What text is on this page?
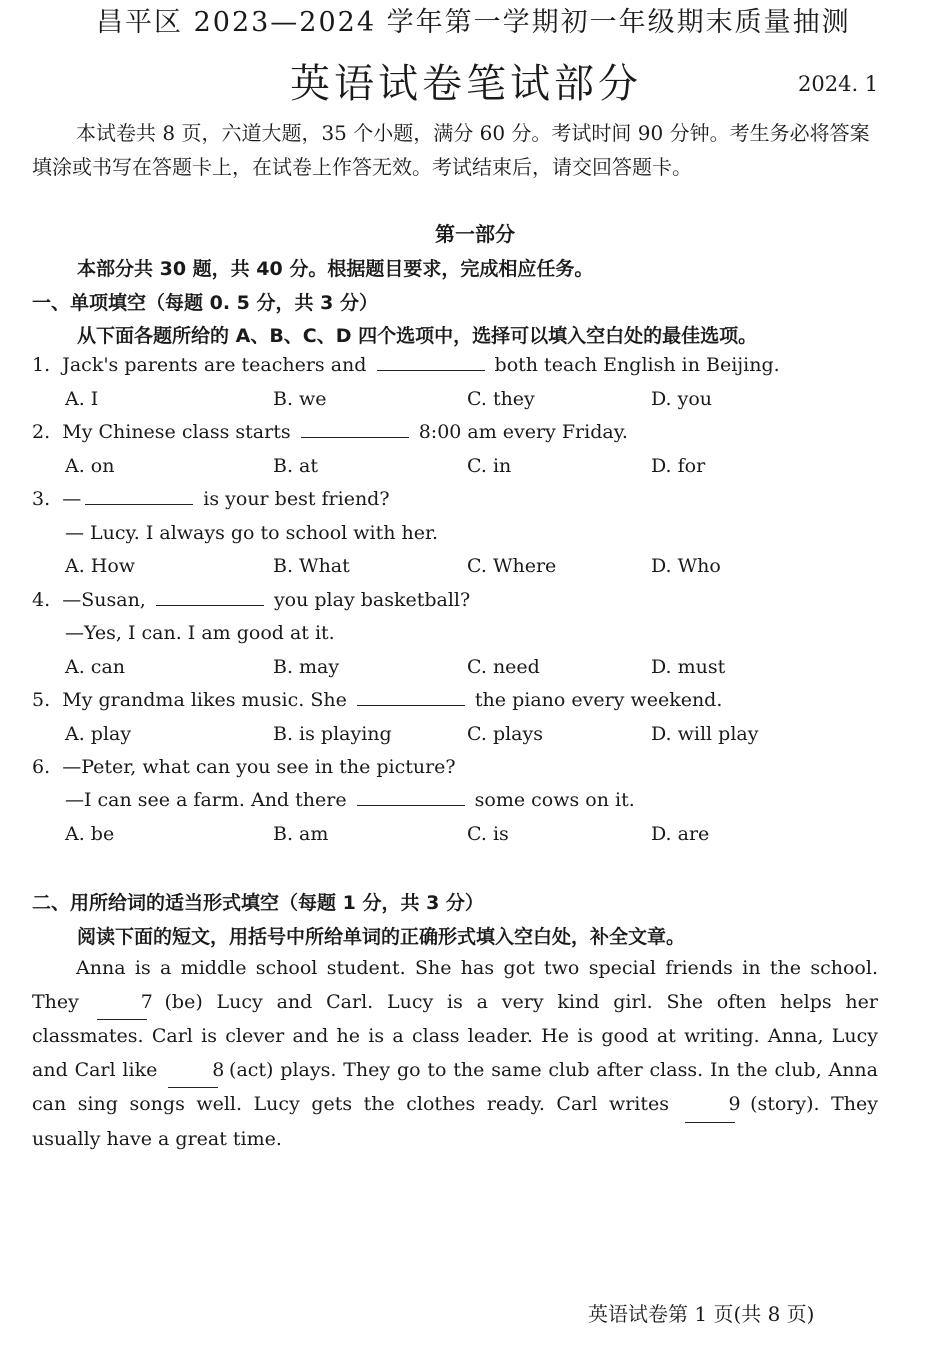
昌平区 2023—2024 学年第一学期初一年级期末质量抽测
英语试卷笔试部分	2024. 1

本试卷共 8 页，六道大题，35 个小题，满分 60 分。考试时间 90 分钟。考生务必将答案填涂或书写在答题卡上，在试卷上作答无效。考试结束后，请交回答题卡。

第一部分
本部分共 30 题，共 40 分。根据题目要求，完成相应任务。
一、单项填空（每题 0. 5 分，共 3 分）
从下面各题所给的 A、B、C、D 四个选项中，选择可以填入空白处的最佳选项。
1. Jack's parents are teachers and	both teach English in Beijing.
A. I	B. we	C. they	D. you
2. My Chinese class starts	8:00 am every Friday.
A. on	B. at	C. in	D. for
3. —	is your best friend?
— Lucy. I always go to school with her.
A. How	B. What	C. Where	D. Who
4. —Susan,	you play basketball?
—Yes, I can. I am good at it.
A. can	B. may	C. need	D. must
5. My grandma likes music. She	the piano every weekend.
A. play	B. is playing	C. plays	D. will play
6. —Peter, what can you see in the picture?
—I can see a farm. And there	some cows on it.
A. be	B. am	C. is	D. are
二、用所给词的适当形式填空（每题 1 分，共 3 分）
阅读下面的短文，用括号中所给单词的正确形式填入空白处，补全文章。

Anna is a middle school student. She has got two special friends in the school. They	7 (be) Lucy and Carl. Lucy is a very kind girl. She often helps her classmates. Carl is clever and he is a class leader. He is good at writing. Anna, Lucy and Carl like	8 (act) plays. They go to the same club after class. In the club, Anna can sing songs well. Lucy gets the clothes ready. Carl writes	9 (story). They usually have a great time.

英语试卷第 1 页(共 8 页)
